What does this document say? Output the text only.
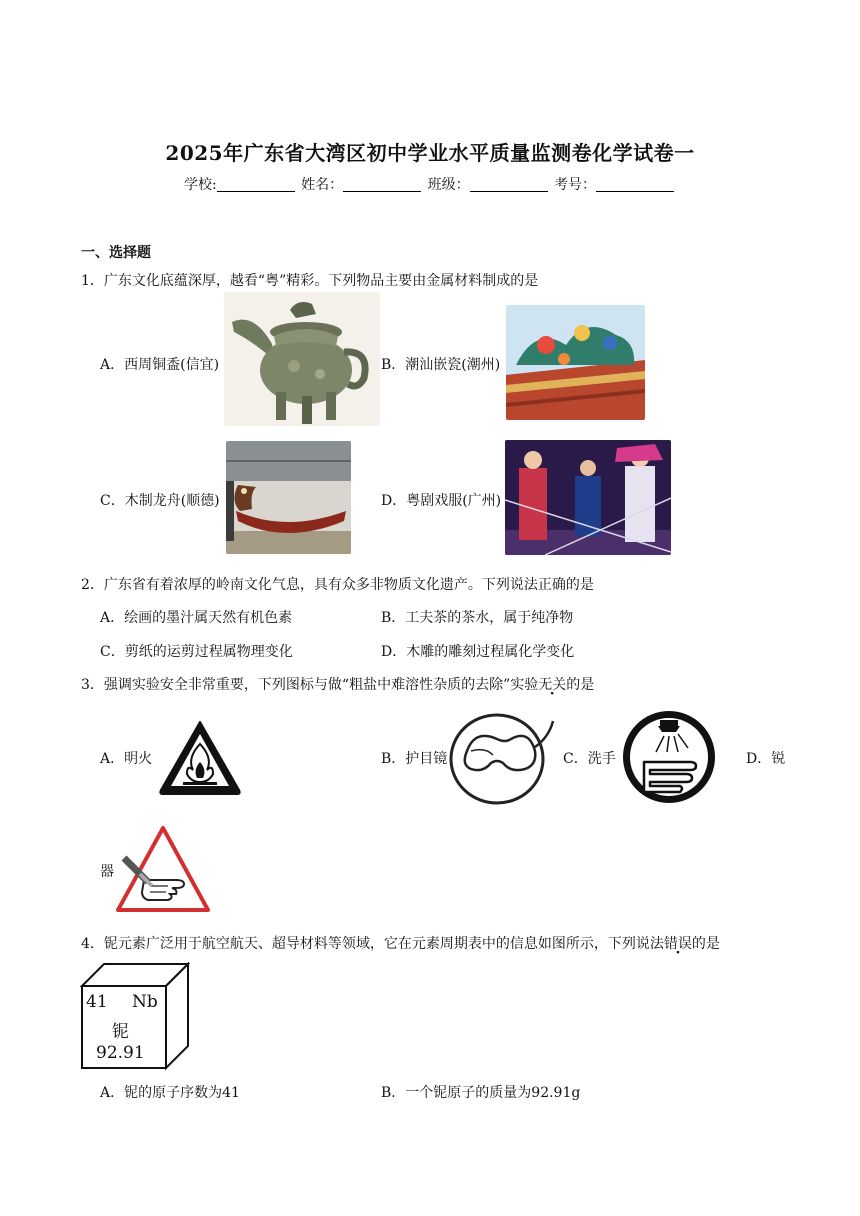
2025年广东省大湾区初中学业水平质量监测卷化学试卷一
学校:	姓名：	班级：	考号：
一、选择题
1．广东文化底蕴深厚，越看“粤”精彩。下列物品主要由金属材料制成的是
A．西周铜盉(信宜)	B．潮汕嵌瓷(潮州)
C．木制龙舟(顺德)	D．粤剧戏服(广州)
2．广东省有着浓厚的岭南文化气息，具有众多非物质文化遗产。下列说法正确的是
A．绘画的墨汁属天然有机色素	B．工夫茶的茶水，属于纯净物
C．剪纸的运剪过程属物理变化	D．木雕的雕刻过程属化学变化
3．强调实验安全非常重要，下列图标与做“粗盐中难溶性杂质的去除”实验无关的是
A．明火	B．护目镜	C．洗手	D．锐
器
4．铌元素广泛用于航空航天、超导材料等领域，它在元素周期表中的信息如图所示，下列说法错误的是
41 Nb
铌
92.91
A．铌的原子序数为41	B．一个铌原子的质量为92.91g
